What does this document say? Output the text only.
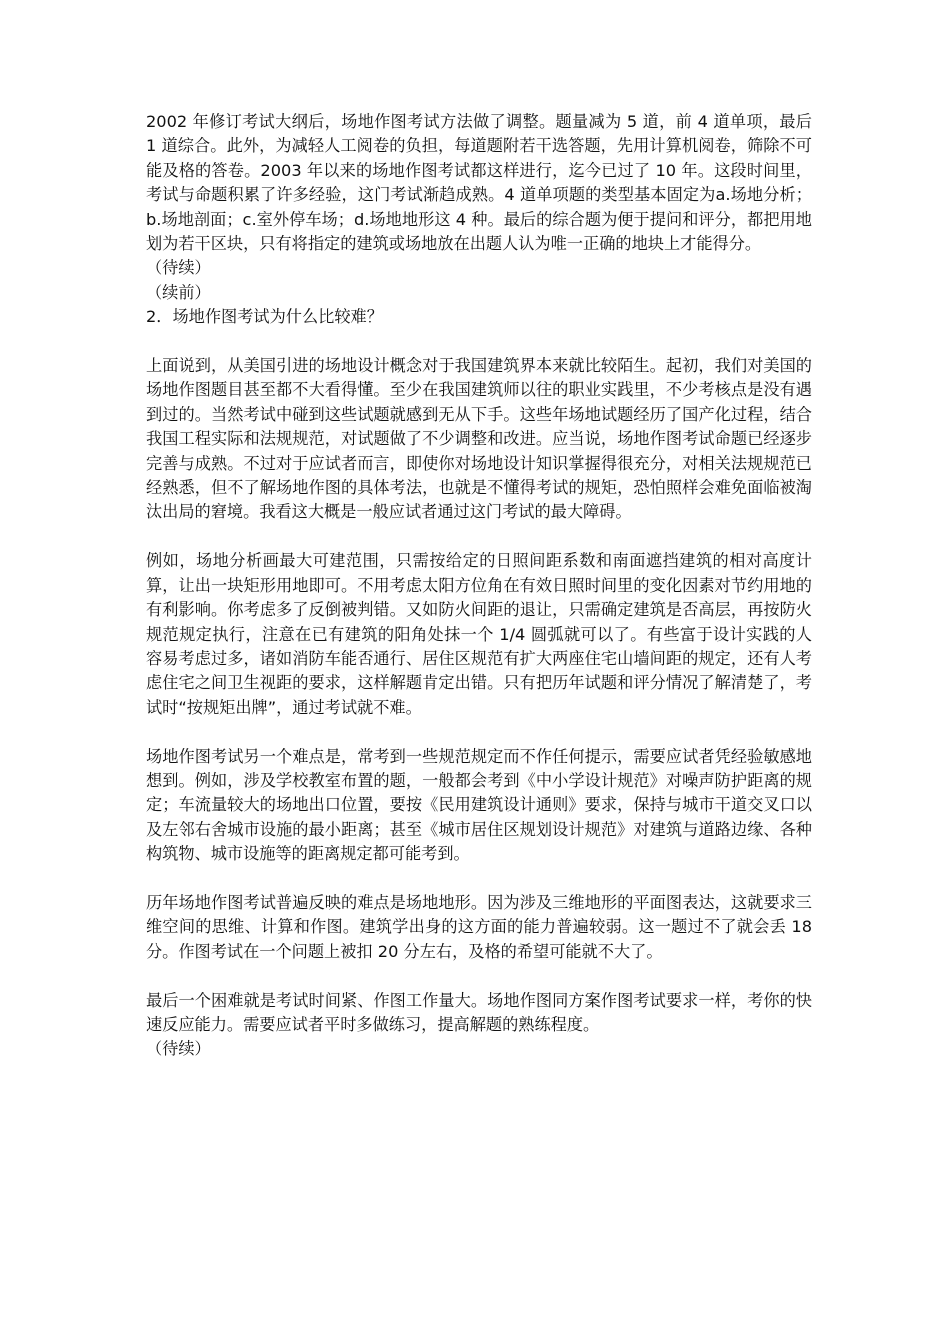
2002 年修订考试大纲后，场地作图考试方法做了调整。题量减为 5 道，前 4 道单项，最后 1 道综合。此外，为减轻人工阅卷的负担，每道题附若干选答题，先用计算机阅卷，筛除不可能及格的答卷。2003 年以来的场地作图考试都这样进行，迄今已过了 10 年。这段时间里，考试与命题积累了许多经验，这门考试渐趋成熟。4 道单项题的类型基本固定为a.场地分析；b.场地剖面；c.室外停车场；d.场地地形这 4 种。最后的综合题为便于提问和评分，都把用地划为若干区块，只有将指定的建筑或场地放在出题人认为唯一正确的地块上才能得分。

（待续）

（续前）

2．场地作图考试为什么比较难？

上面说到，从美国引进的场地设计概念对于我国建筑界本来就比较陌生。起初，我们对美国的场地作图题目甚至都不大看得懂。至少在我国建筑师以往的职业实践里，不少考核点是没有遇到过的。当然考试中碰到这些试题就感到无从下手。这些年场地试题经历了国产化过程，结合我国工程实际和法规规范，对试题做了不少调整和改进。应当说，场地作图考试命题已经逐步完善与成熟。不过对于应试者而言，即使你对场地设计知识掌握得很充分，对相关法规规范已经熟悉，但不了解场地作图的具体考法，也就是不懂得考试的规矩，恐怕照样会难免面临被淘汰出局的窘境。我看这大概是一般应试者通过这门考试的最大障碍。

例如，场地分析画最大可建范围，只需按给定的日照间距系数和南面遮挡建筑的相对高度计算，让出一块矩形用地即可。不用考虑太阳方位角在有效日照时间里的变化因素对节约用地的有利影响。你考虑多了反倒被判错。又如防火间距的退让，只需确定建筑是否高层，再按防火规范规定执行，注意在已有建筑的阳角处抹一个 1/4 圆弧就可以了。有些富于设计实践的人容易考虑过多，诸如消防车能否通行、居住区规范有扩大两座住宅山墙间距的规定，还有人考虑住宅之间卫生视距的要求，这样解题肯定出错。只有把历年试题和评分情况了解清楚了，考试时“按规矩出牌”，通过考试就不难。

场地作图考试另一个难点是，常考到一些规范规定而不作任何提示，需要应试者凭经验敏感地想到。例如，涉及学校教室布置的题，一般都会考到《中小学设计规范》对噪声防护距离的规定；车流量较大的场地出口位置，要按《民用建筑设计通则》要求，保持与城市干道交叉口以及左邻右舍城市设施的最小距离；甚至《城市居住区规划设计规范》对建筑与道路边缘、各种构筑物、城市设施等的距离规定都可能考到。

历年场地作图考试普遍反映的难点是场地地形。因为涉及三维地形的平面图表达，这就要求三维空间的思维、计算和作图。建筑学出身的这方面的能力普遍较弱。这一题过不了就会丢 18 分。作图考试在一个问题上被扣 20 分左右，及格的希望可能就不大了。

最后一个困难就是考试时间紧、作图工作量大。场地作图同方案作图考试要求一样，考你的快速反应能力。需要应试者平时多做练习，提高解题的熟练程度。

（待续）
